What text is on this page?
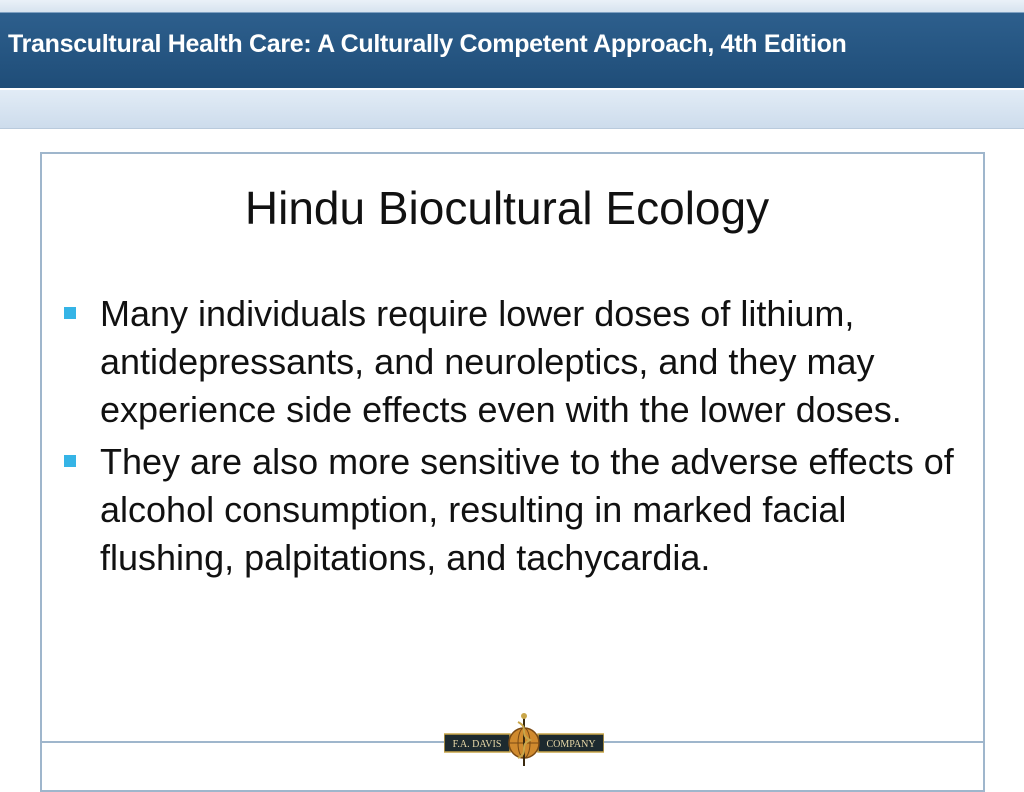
Transcultural Health Care: A Culturally Competent Approach, 4th Edition
Hindu Biocultural Ecology
Many individuals require lower doses of lithium, antidepressants, and neuroleptics, and they may experience side effects even with the lower doses.
They are also more sensitive to the adverse effects of alcohol consumption, resulting in marked facial flushing, palpitations, and tachycardia.
F.A. DAVIS	COMPANY
